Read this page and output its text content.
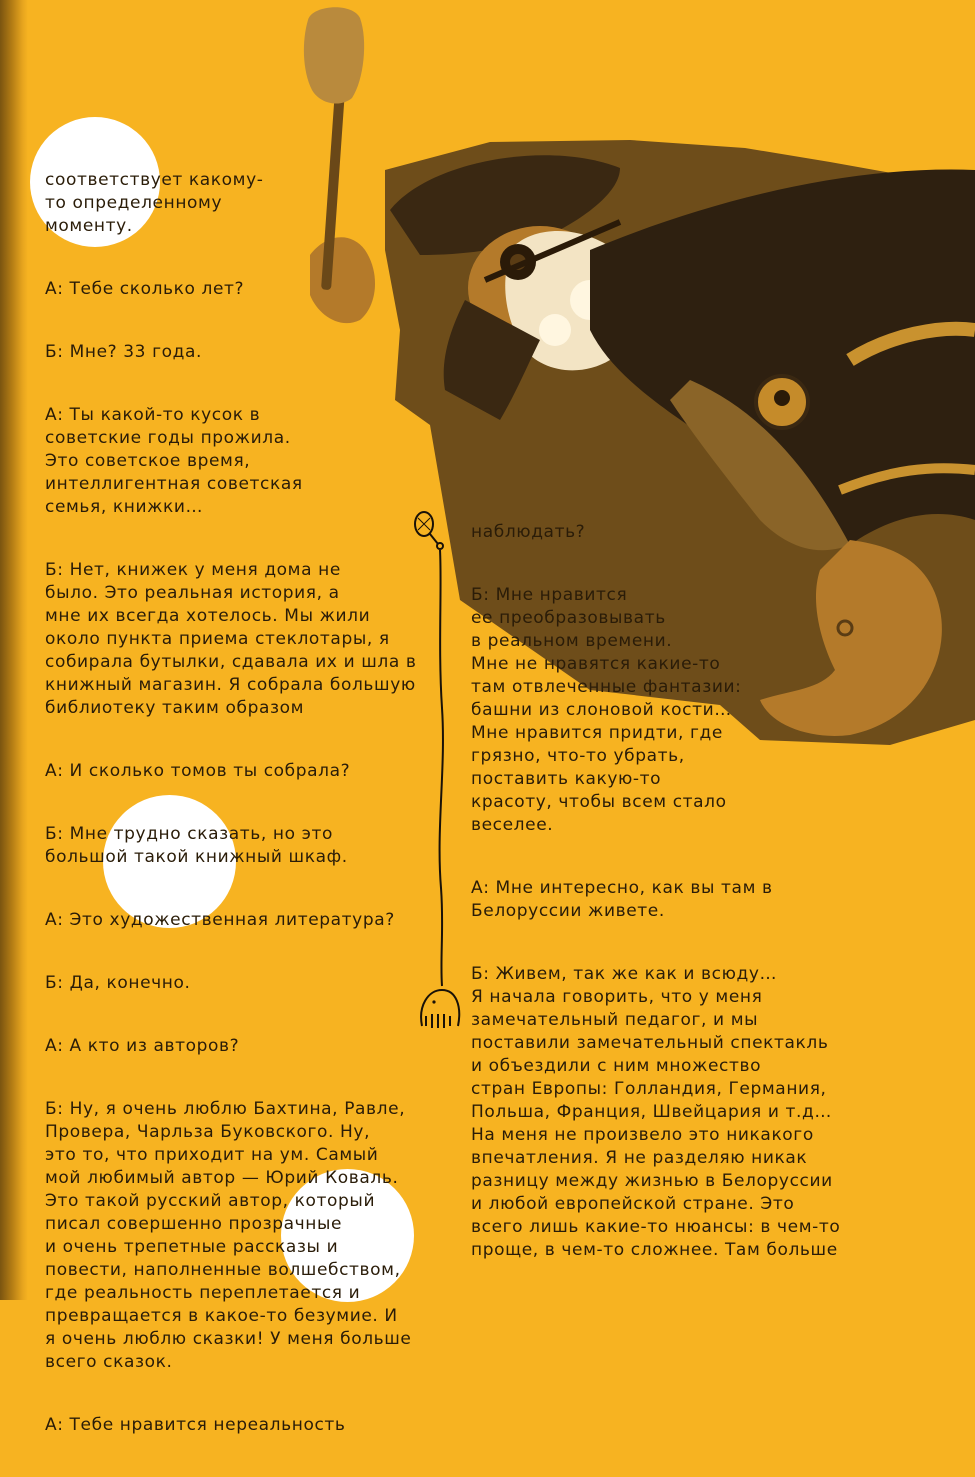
соответствует какому-
то определенному
моменту.

А: Тебе сколько лет?

Б: Мне? 33 года.

А: Ты какой-то кусок в
советские годы прожила.
Это советское время,
интеллигентная советская
семья, книжки…

Б: Нет, книжек у меня дома не
было. Это реальная история, а
мне их всегда хотелось. Мы жили
около пункта приема стеклотары, я
собирала бутылки, сдавала их и шла в
книжный магазин. Я собрала большую
библиотеку таким образом

А: И сколько томов ты собрала?

Б: Мне трудно сказать, но это
большой такой книжный шкаф.

А: Это художественная литература?

Б: Да, конечно.

А: А кто из авторов?

Б: Ну, я очень люблю Бахтина, Равле,
Провера, Чарльза Буковского. Ну,
это то, что приходит на ум. Самый
мой любимый автор — Юрий Коваль.
Это такой русский автор, который
писал совершенно прозрачные
и очень трепетные рассказы и
повести, наполненные волшебством,
где реальность переплетается и
превращается в какое-то безумие. И
я очень люблю сказки! У меня больше
всего сказок.

А: Тебе нравится нереальность

наблюдать?

Б: Мне нравится
ее преобразовывать
в реальном времени.
Мне не нравятся какие-то
там отвлеченные фантазии:
башни из слоновой кости…
Мне нравится придти, где
грязно, что-то убрать,
поставить какую-то
красоту, чтобы всем стало
веселее.

А: Мне интересно, как вы там в
Белоруссии живете.

Б: Живем, так же как и всюду…
Я начала говорить, что у меня
замечательный педагог, и мы
поставили замечательный спектакль
и объездили с ним множество
стран Европы: Голландия, Германия,
Польша, Франция, Швейцария и т.д…
На меня не произвело это никакого
впечатления. Я не разделяю никак
разницу между жизнью в Белоруссии
и любой европейской стране. Это
всего лишь какие-то нюансы: в чем-то
проще, в чем-то сложнее. Там больше
